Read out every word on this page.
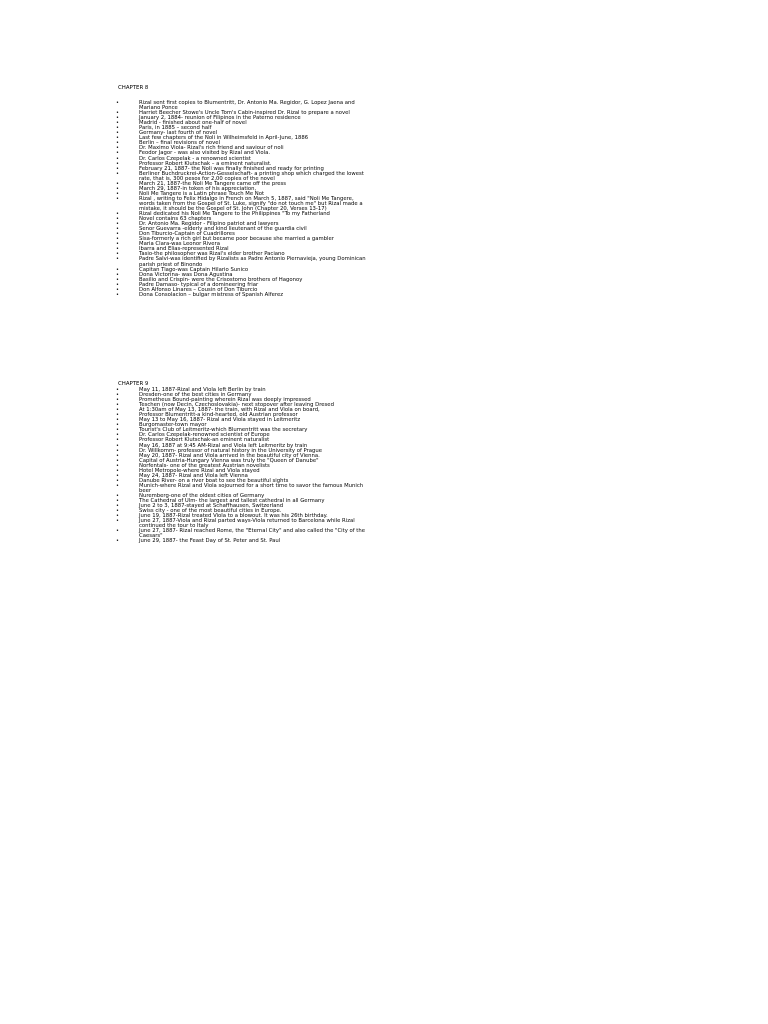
CHAPTER 8
• Rizal sent first copies to Blumentritt, Dr. Antonio Ma. Regidor, G. Lopez Jaena and Mariano Ponce
• Harriet Beecher Stowe's Uncle Tom's Cabin-inspired Dr. Rizal to prepare a novel
• January 2, 1884- reunion of Filipinos in the Paterno residence
• Madrid - finished about one-half of novel
• Paris, in 1885 – second half
• Germany- last fourth of novel
• Last few chapters of the Noli in Wilheimsfeld in April-June, 1886
• Berlin – final revisions of novel
• Dr. Maximo Viola- Rizal's rich friend and saviour of noli
• Feodor Jagor - was also visited by Rizal and Viola.
• Dr. Carlos Czepelak - a renowned scientist
• Professor Robert Klutschak – a eminent naturalist.
• February 21, 1887- the Noli was finally finished and ready for printing
• Berliner Buchdruckrei-Action-Gesselschaft- a printing shop which charged the lowest rate, that is, 300 pesos for 2,00 copies of the novel
• March 21, 1887-the Noli Me Tangere came off the press
• March 29, 1887-in token of his appreciation,
• Noli Me Tangere is a Latin phrase Touch Me Not
• Rizal , writing to Felix Hidalgo in French on March 5, 1887, said "Noli Me Tangere, words taken from the Gospel of St. Luke, signify "do not touch me" but Rizal made a mistake, it should be the Gospel of St. John (Chapter 20, Verses 13-17)
• Rizal dedicated his Noli Me Tangere to the Philippines "To my Fatherland
• Novel contains 63 chapters
• Dr. Antonio Ma. Regidor - Filipino patriot and lawyers
• Senor Guevarra -elderly and kind lieutenant of the guardia civil
• Don Tiburcio-Captain of Cuadrillores
• Sisa-formerly a rich girl but became poor because she married a gambler
• Maria Clara-was Leonor Rivera
• Ibarra and Elias-represented Rizal
• Tasio-the philosopher was Rizal's elder brother Paciano
• Padre Salvi-was identified by Rizalists as Padre Antonio Piernavieja, young Dominican parish priest of Binondo
• Capitan Tiago-was Captain Hilario Sunico
• Dona Victorina- was Dona Agustina
• Basilio and Crispin- were the Crisostomo brothers of Hagonoy
• Padre Damaso- typical of a domineering friar
• Don Alfonso Linares – Cousin of Don Tiburcio
• Dona Consolacion – bulgar mistress of Spanish Alferez
CHAPTER 9
• May 11, 1887-Rizal and Viola left Berlin by train
• Dresden-one of the best cities in Germany
• Prometheus Bound-painting wherein Rizal was deeply impressed
• Teschen (now Decin, Czechoslovakia)- next stopover after leaving Dresed
• At 1:30am of May 13, 1887- the train, with Rizal and Viola on board,
• Professor Blumentritt-a kind-hearted, old Austrian professor
• May 13 to May 16, 1887- Rizal and Viola stayed in Leitmeritz
• Burgomaster-town mayor
• Tourist's Club of Leitmeritz-which Blumentritt was the secretary
• Dr. Carlos Czepelak-renowned scientist of Europe
• Professor Robert Klutschak-an eminent naturalist
• May 16, 1887 at 9:45 AM-Rizal and Viola left Leitmeritz by train
• Dr. Willkomm- professor of natural history in the University of Prague
• May 20, 1887- Rizal and Viola arrived in the beautiful city of Vienna.
• Capital of Austria-Hungary Vienna was truly the "Queen of Danube"
• Norfentals- one of the greatest Austrian novelists
• Hotel Metropole-where Rizal and Viola stayed
• May 24, 1887- Rizal and Viola left Vienna
• Danube River- on a river boat to see the beautiful sights
• Munich-where Rizal and Viola sojourned for a short time to savor the famous Munich beer
• Nuremberg-one of the oldest cities of Germany
• The Cathedral of Ulm- the largest and tallest cathedral in all Germany
• June 2 to 3, 1887-stayed at Schaffhausen, Switzerland
• Swiss city - one of the most beautiful cities in Europe.
• June 19, 1887-Rizal treated Viola to a blowout. It was his 26th birthday.
• June 27, 1887-Viola and Rizal parted ways-Viola returned to Barcelona while Rizal continued the tour to Italy
• June 27, 1887- Rizal reached Rome, the "Eternal City" and also called the "City of the Caesars"
• June 29, 1887- the Feast Day of St. Peter and St. Paul
